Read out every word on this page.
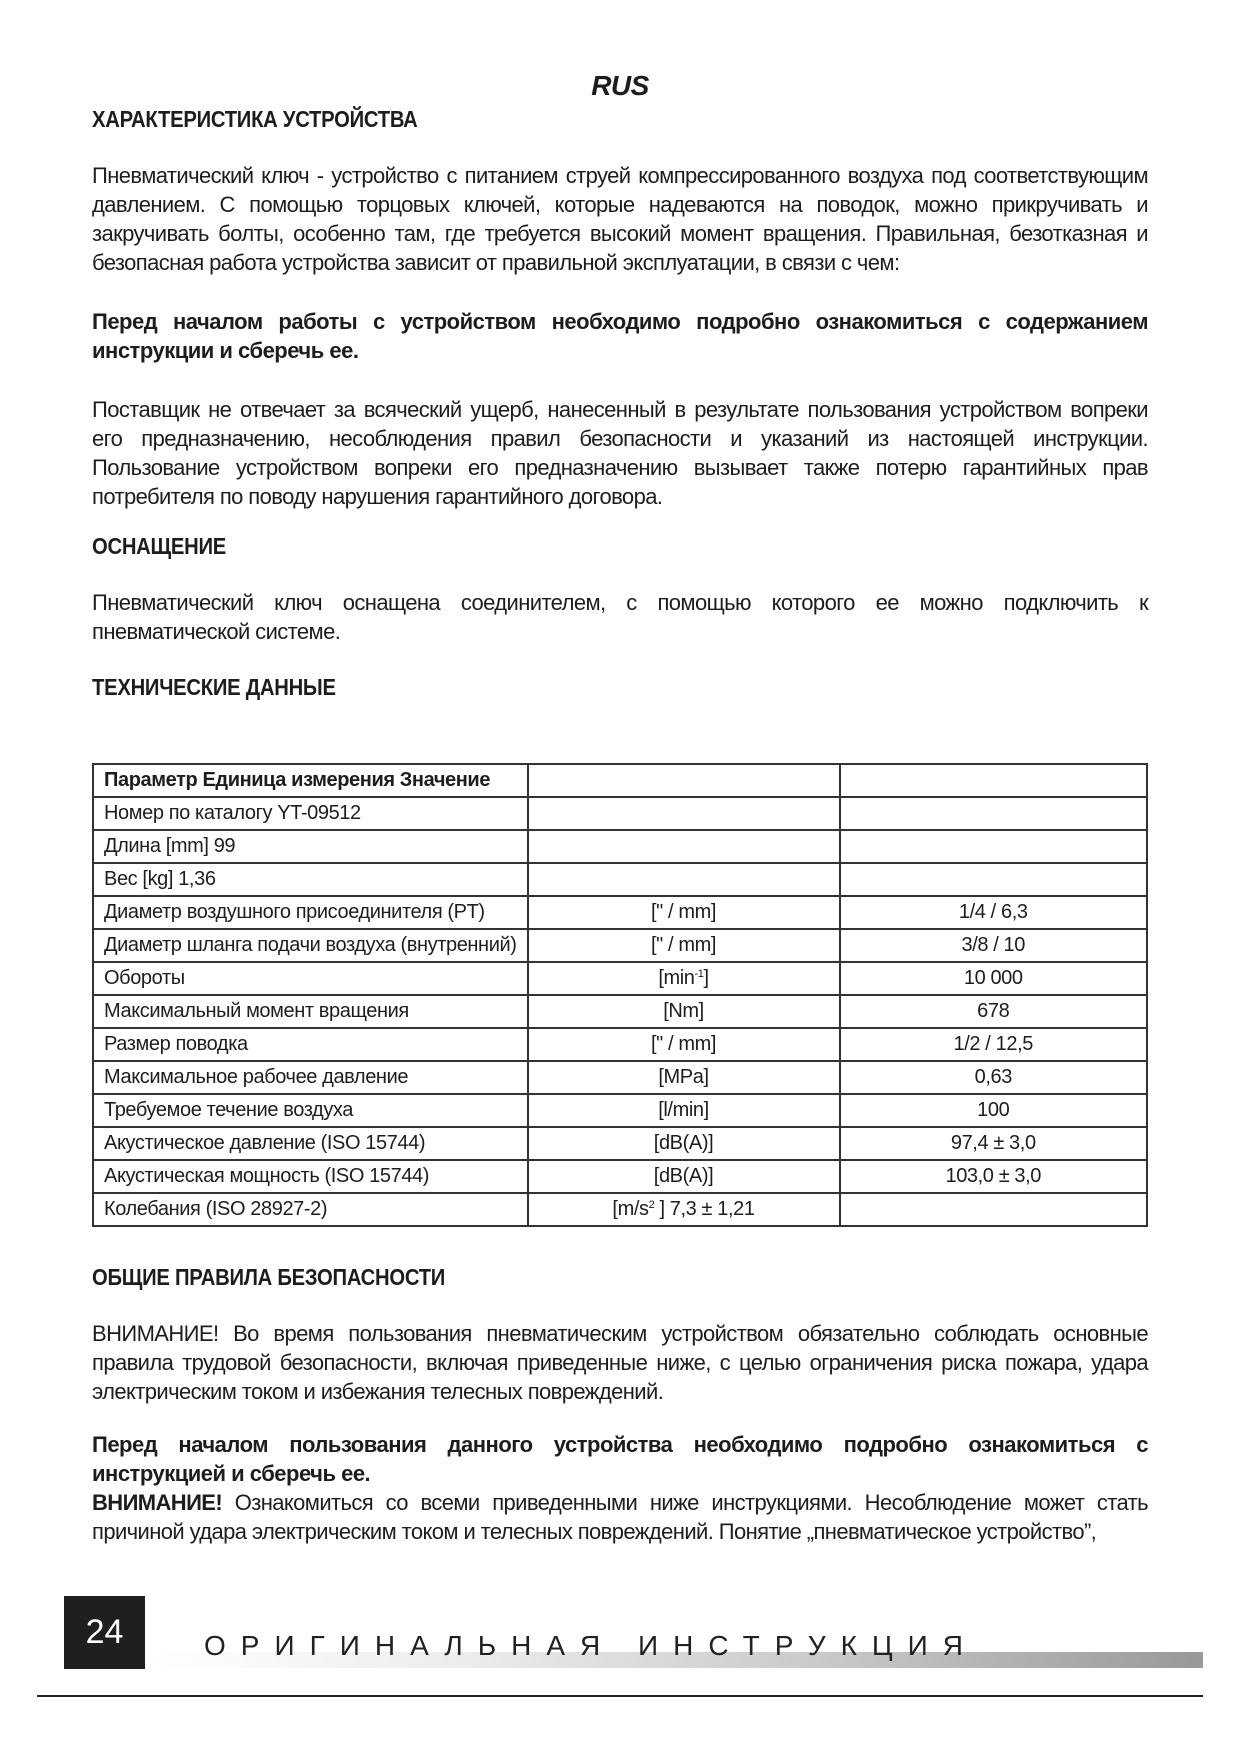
RUS
ХАРАКТЕРИСТИКА УСТРОЙСТВА

Пневматический ключ - устройство с питанием струей компрессированного воздуха под соответствующим давлением. С помощью торцовых ключей, которые надеваются на поводок, можно прикручивать и закручивать болты, особенно там, где требуется высокий момент вращения. Правильная, безотказная и безопасная работа устройства зависит от правильной эксплуатации, в связи с чем:

Перед началом работы с устройством необходимо подробно ознакомиться с содержанием инструкции и сберечь ее.

Поставщик не отвечает за всяческий ущерб, нанесенный в результате пользования устройством вопреки его предназначению, несоблюдения правил безопасности и указаний из настоящей инструкции. Пользование устройством вопреки его предназначению вызывает также потерю гарантийных прав потребителя по поводу нарушения гарантийного договора.

ОСНАЩЕНИЕ

Пневматический ключ оснащена соединителем, с помощью которого ее можно подключить к пневматической системе.

ТЕХНИЧЕСКИЕ ДАННЫЕ
Параметр Единица измерения Значение		
Номер по каталогу YT-09512		
Длина [mm] 99		
Вес [kg] 1,36		
Диаметр воздушного присоединителя (PT)	[" / mm]	1/4 / 6,3
Диаметр шланга подачи воздуха (внутренний)	[" / mm]	3/8 / 10
Обороты	$[\min^{-1}]$	10 000
Максимальный момент вращения	[Nm]	678
Размер поводка	[" / mm]	1/2 / 12,5
Максимальное рабочее давление	[MPa]	0,63
Требуемое течение воздуха	[l/min]	100
Акустическое давление (ISO 15744)	[dB(A)]	97,4 ± 3,0
Акустическая мощность (ISO 15744)	[dB(A)]	103,0 ± 3,0
Колебания (ISO 28927-2)	[$m/s^2$ ] 7,3 ± 1,21	
ОБЩИЕ ПРАВИЛА БЕЗОПАСНОСТИ

ВНИМАНИЕ! Во время пользования пневматическим устройством обязательно соблюдать основные правила трудовой безопасности, включая приведенные ниже, с целью ограничения риска пожара, удара электрическим током и избежания телесных повреждений.

Перед началом пользования данного устройства необходимо подробно ознакомиться с инструкцией и сберечь ее.

ВНИМАНИЕ! Ознакомиться со всеми приведенными ниже инструкциями. Несоблюдение может стать причиной удара электрическим током и телесных повреждений. Понятие „пневматическое устройство”,

24	ОРИГИНАЛЬНАЯ ИНСТРУКЦИЯ
